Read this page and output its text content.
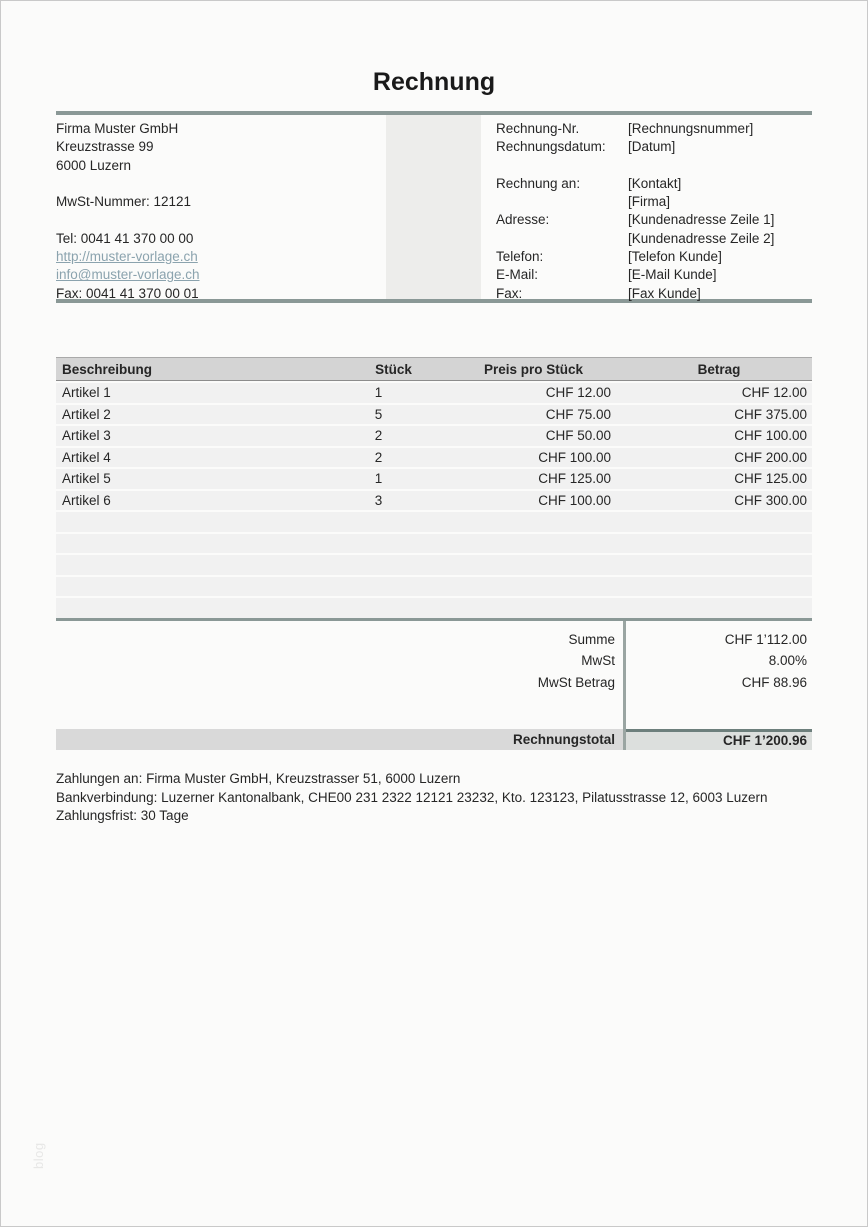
Rechnung
Firma Muster GmbH
Kreuzstrasse 99
6000 Luzern

MwSt-Nummer: 12121

Tel: 0041 41 370 00 00
http://muster-vorlage.ch
info@muster-vorlage.ch
Fax: 0041 41 370 00 01
Rechnung-Nr.	[Rechnungsnummer]
Rechnungsdatum:	[Datum]

Rechnung an:	[Kontakt]

[Firma]
Adresse:	[Kundenadresse Zeile 1]

[Kundenadresse Zeile 2]
Telefon:	[Telefon Kunde]
E-Mail:	[E-Mail Kunde]
Fax:	[Fax Kunde]
Beschreibung	Stück	Preis pro Stück	Betrag
Artikel 1	1	CHF 12.00	CHF 12.00
Artikel 2	5	CHF 75.00	CHF 375.00
Artikel 3	2	CHF 50.00	CHF 100.00
Artikel 4	2	CHF 100.00	CHF 200.00
Artikel 5	1	CHF 125.00	CHF 125.00
Artikel 6	3	CHF 100.00	CHF 300.00

Summe	CHF 1’112.00
MwSt	8.00%
MwSt Betrag	CHF 88.96
Rechnungstotal	CHF 1’200.96
Zahlungen an: Firma Muster GmbH, Kreuzstrasser 51, 6000 Luzern
Bankverbindung: Luzerner Kantonalbank, CHE00 231 2322 12121 23232, Kto. 123123, Pilatusstrasse 12, 6003 Luzern
Zahlungsfrist: 30 Tage
blog
